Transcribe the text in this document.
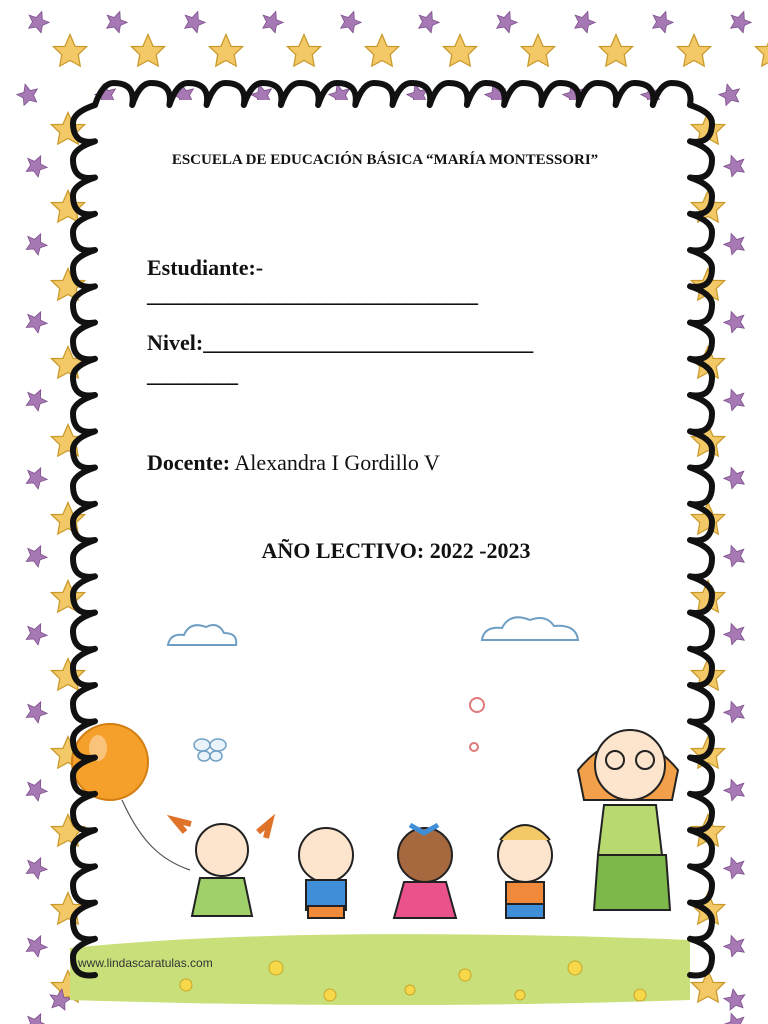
ESCUELA DE EDUCACIÓN BÁSICA “MARÍA MONTESSORI”
Estudiante:-
_________________________________
Nivel:______________________________
_________
Docente: Alexandra I Gordillo V
AÑO LECTIVO: 2022 -2023
www.lindascaratulas.com
